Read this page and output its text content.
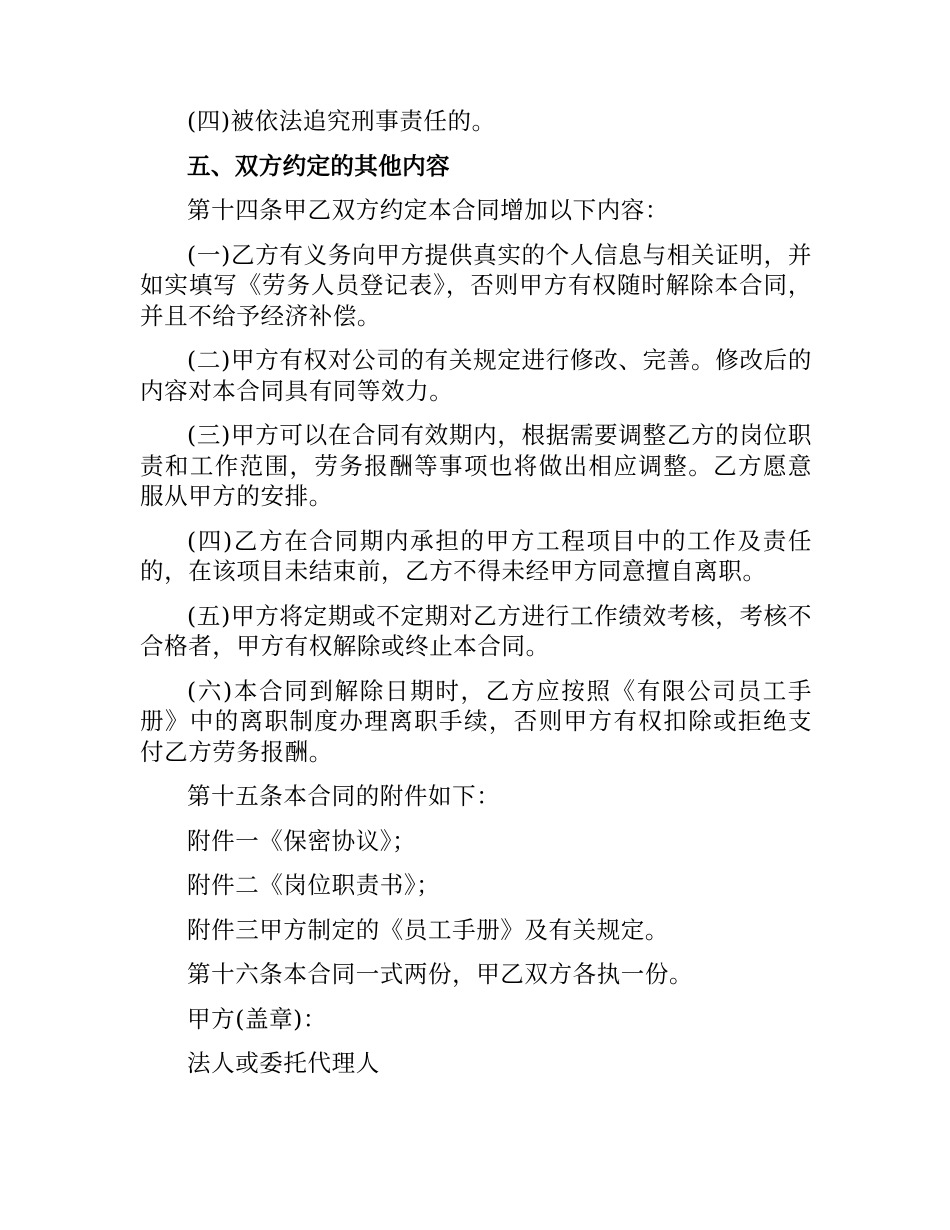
(四)被依法追究刑事责任的。

五、双方约定的其他内容

第十四条甲乙双方约定本合同增加以下内容：

(一)乙方有义务向甲方提供真实的个人信息与相关证明，并如实填写《劳务人员登记表》，否则甲方有权随时解除本合同，并且不给予经济补偿。

(二)甲方有权对公司的有关规定进行修改、完善。修改后的内容对本合同具有同等效力。

(三)甲方可以在合同有效期内，根据需要调整乙方的岗位职责和工作范围，劳务报酬等事项也将做出相应调整。乙方愿意服从甲方的安排。

(四)乙方在合同期内承担的甲方工程项目中的工作及责任的，在该项目未结束前，乙方不得未经甲方同意擅自离职。

(五)甲方将定期或不定期对乙方进行工作绩效考核，考核不合格者，甲方有权解除或终止本合同。

(六)本合同到解除日期时，乙方应按照《有限公司员工手册》中的离职制度办理离职手续，否则甲方有权扣除或拒绝支付乙方劳务报酬。

第十五条本合同的附件如下：

附件一《保密协议》；

附件二《岗位职责书》；

附件三甲方制定的《员工手册》及有关规定。

第十六条本合同一式两份，甲乙双方各执一份。

甲方(盖章)：

法人或委托代理人
